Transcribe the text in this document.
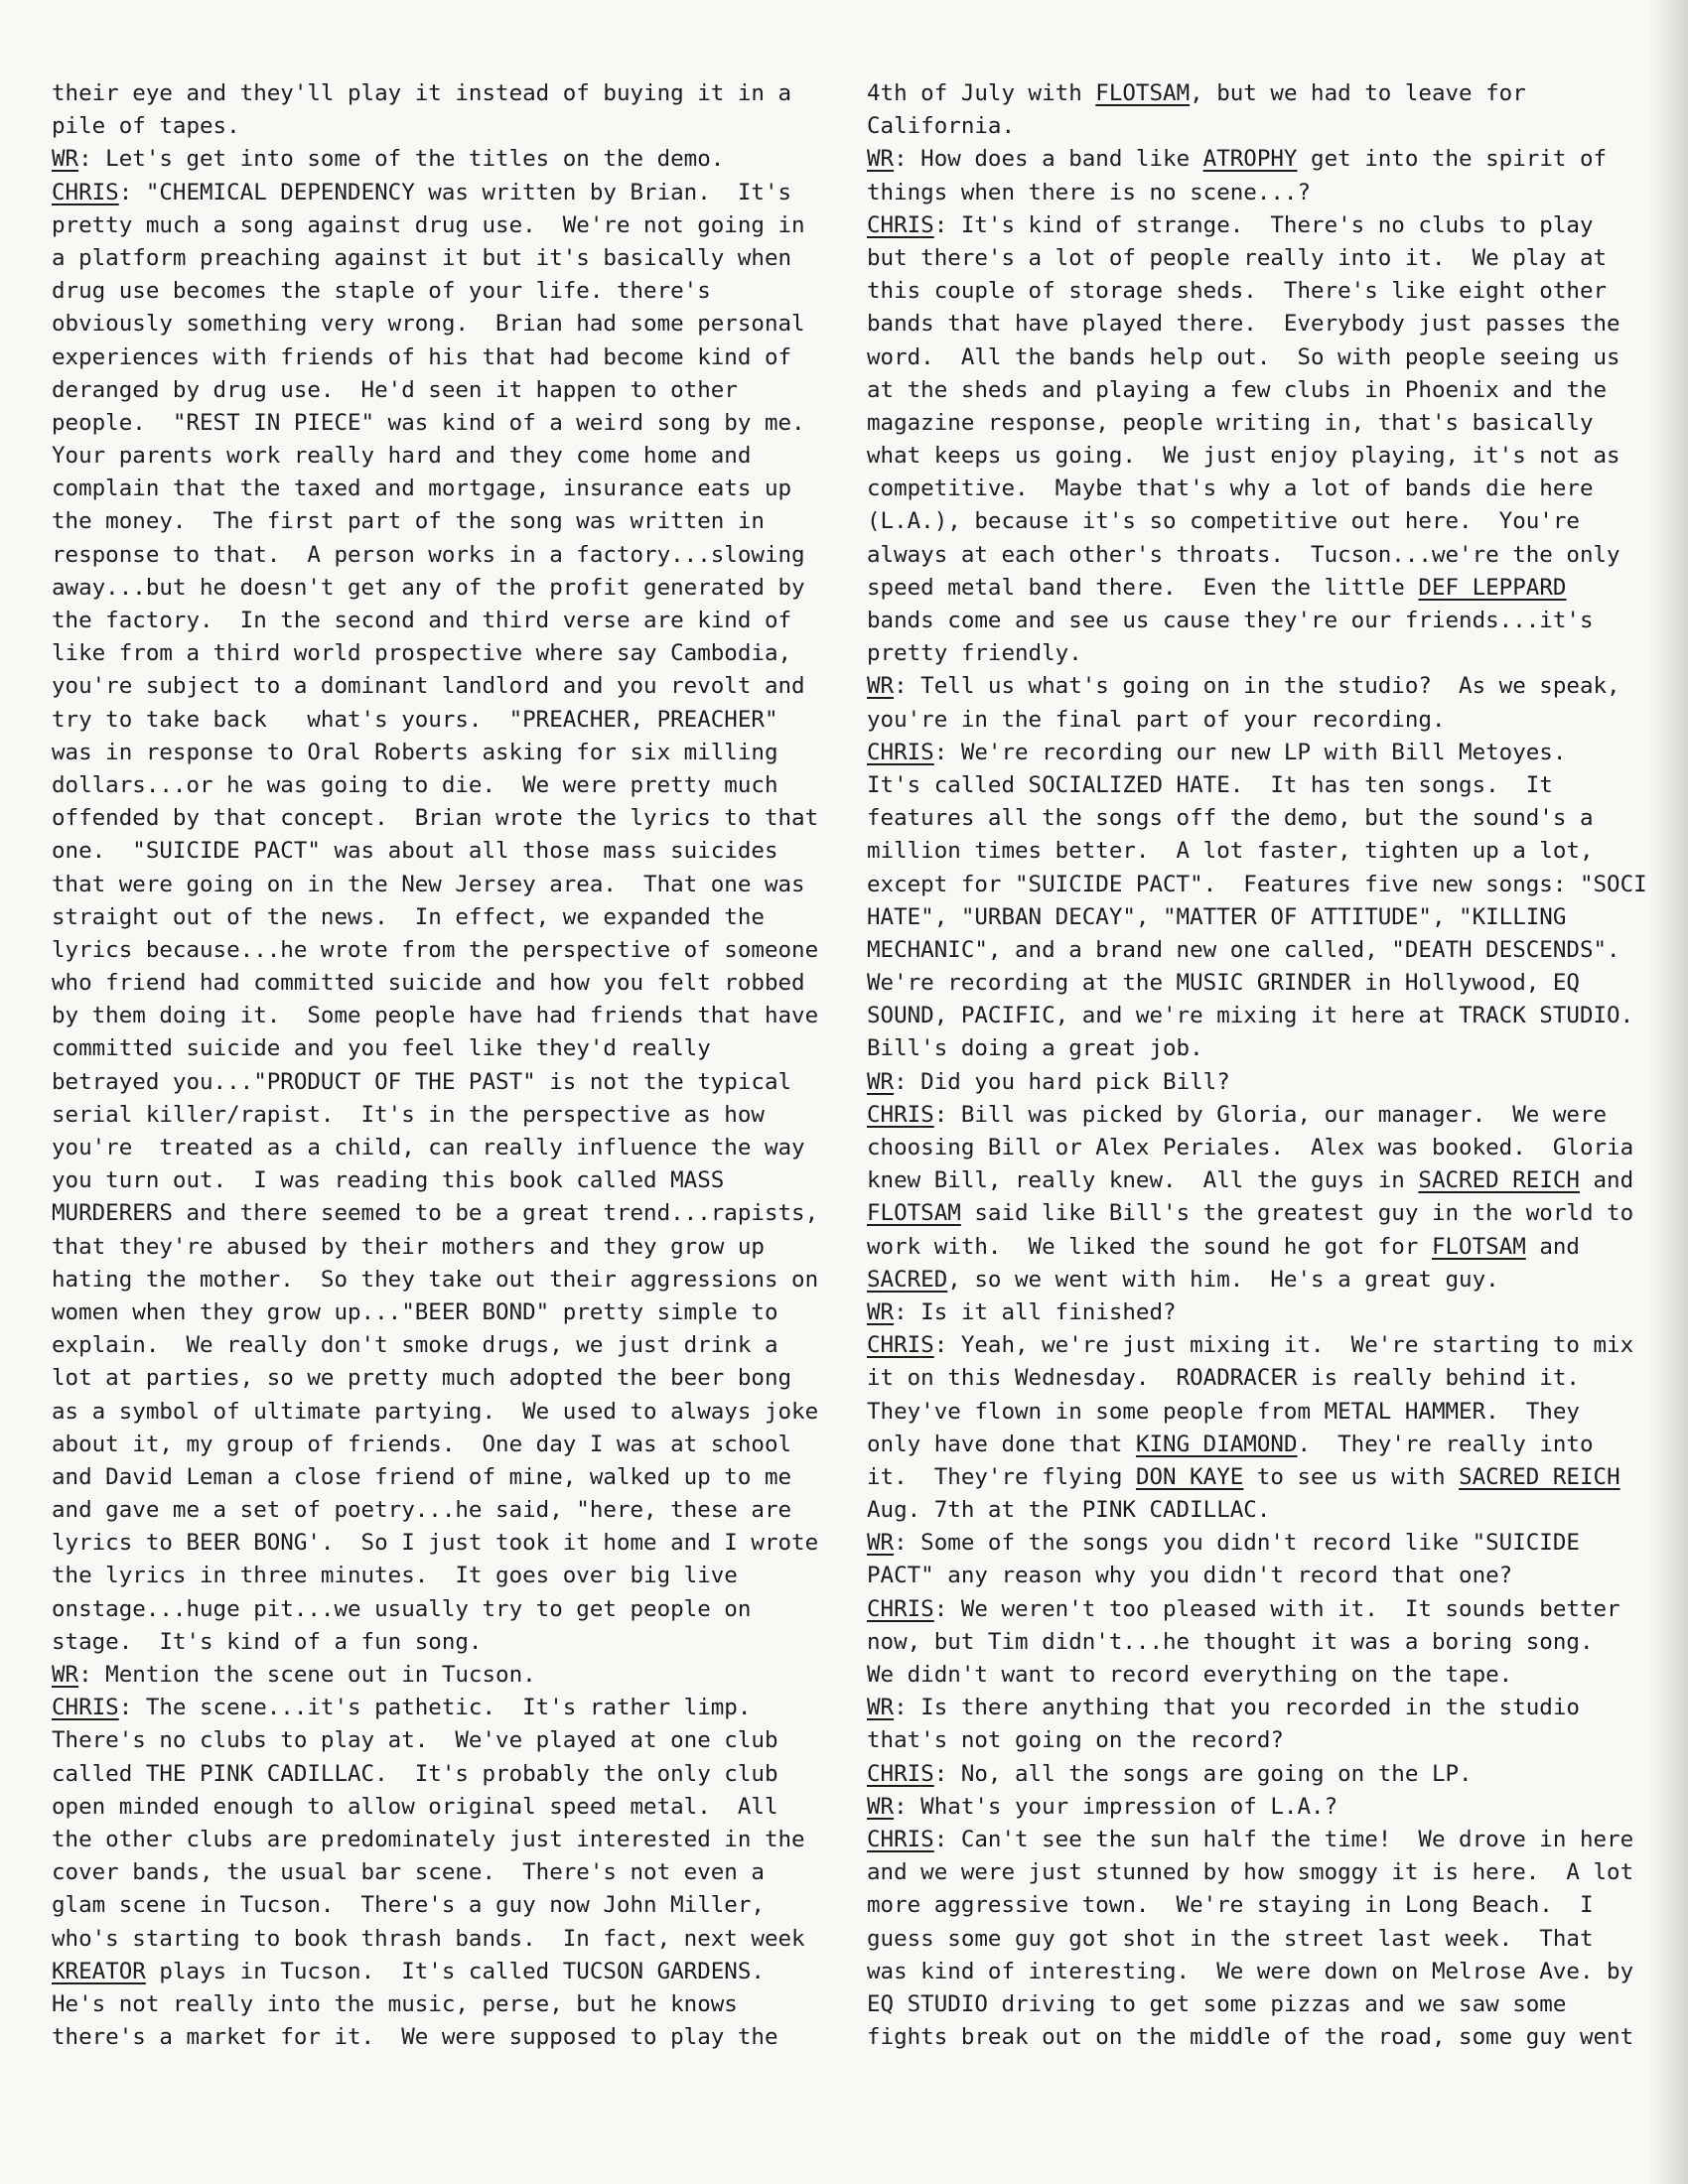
their eye and they'll play it instead of buying it in a
pile of tapes.
WR: Let's get into some of the titles on the demo.
CHRIS: "CHEMICAL DEPENDENCY was written by Brian.  It's
pretty much a song against drug use.  We're not going in
a platform preaching against it but it's basically when
drug use becomes the staple of your life. there's
obviously something very wrong.  Brian had some personal
experiences with friends of his that had become kind of
deranged by drug use.  He'd seen it happen to other
people.  "REST IN PIECE" was kind of a weird song by me.
Your parents work really hard and they come home and
complain that the taxed and mortgage, insurance eats up
the money.  The first part of the song was written in
response to that.  A person works in a factory...slowing
away...but he doesn't get any of the profit generated by
the factory.  In the second and third verse are kind of
like from a third world prospective where say Cambodia,
you're subject to a dominant landlord and you revolt and
try to take back   what's yours.  "PREACHER, PREACHER"
was in response to Oral Roberts asking for six milling
dollars...or he was going to die.  We were pretty much
offended by that concept.  Brian wrote the lyrics to that
one.  "SUICIDE PACT" was about all those mass suicides
that were going on in the New Jersey area.  That one was
straight out of the news.  In effect, we expanded the
lyrics because...he wrote from the perspective of someone
who friend had committed suicide and how you felt robbed
by them doing it.  Some people have had friends that have
committed suicide and you feel like they'd really
betrayed you..."PRODUCT OF THE PAST" is not the typical
serial killer/rapist.  It's in the perspective as how
you're  treated as a child, can really influence the way
you turn out.  I was reading this book called MASS
MURDERERS and there seemed to be a great trend...rapists,
that they're abused by their mothers and they grow up
hating the mother.  So they take out their aggressions on
women when they grow up..."BEER BOND" pretty simple to
explain.  We really don't smoke drugs, we just drink a
lot at parties, so we pretty much adopted the beer bong
as a symbol of ultimate partying.  We used to always joke
about it, my group of friends.  One day I was at school
and David Leman a close friend of mine, walked up to me
and gave me a set of poetry...he said, "here, these are
lyrics to BEER BONG'.  So I just took it home and I wrote
the lyrics in three minutes.  It goes over big live
onstage...huge pit...we usually try to get people on
stage.  It's kind of a fun song.
WR: Mention the scene out in Tucson.
CHRIS: The scene...it's pathetic.  It's rather limp.
There's no clubs to play at.  We've played at one club
called THE PINK CADILLAC.  It's probably the only club
open minded enough to allow original speed metal.  All
the other clubs are predominately just interested in the
cover bands, the usual bar scene.  There's not even a
glam scene in Tucson.  There's a guy now John Miller,
who's starting to book thrash bands.  In fact, next week
KREATOR plays in Tucson.  It's called TUCSON GARDENS.
He's not really into the music, perse, but he knows
there's a market for it.  We were supposed to play the
4th of July with FLOTSAM, but we had to leave for
California.
WR: How does a band like ATROPHY get into the spirit of
things when there is no scene...?
CHRIS: It's kind of strange.  There's no clubs to play
but there's a lot of people really into it.  We play at
this couple of storage sheds.  There's like eight other
bands that have played there.  Everybody just passes the
word.  All the bands help out.  So with people seeing us
at the sheds and playing a few clubs in Phoenix and the
magazine response, people writing in, that's basically
what keeps us going.  We just enjoy playing, it's not as
competitive.  Maybe that's why a lot of bands die here
(L.A.), because it's so competitive out here.  You're
always at each other's throats.  Tucson...we're the only
speed metal band there.  Even the little DEF LEPPARD
bands come and see us cause they're our friends...it's
pretty friendly.
WR: Tell us what's going on in the studio?  As we speak,
you're in the final part of your recording.
CHRIS: We're recording our new LP with Bill Metoyes.
It's called SOCIALIZED HATE.  It has ten songs.  It
features all the songs off the demo, but the sound's a
million times better.  A lot faster, tighten up a lot,
except for "SUICIDE PACT".  Features five new songs: "SOCI
HATE", "URBAN DECAY", "MATTER OF ATTITUDE", "KILLING
MECHANIC", and a brand new one called, "DEATH DESCENDS".
We're recording at the MUSIC GRINDER in Hollywood, EQ
SOUND, PACIFIC, and we're mixing it here at TRACK STUDIO.
Bill's doing a great job.
WR: Did you hard pick Bill?
CHRIS: Bill was picked by Gloria, our manager.  We were
choosing Bill or Alex Periales.  Alex was booked.  Gloria
knew Bill, really knew.  All the guys in SACRED REICH and
FLOTSAM said like Bill's the greatest guy in the world to
work with.  We liked the sound he got for FLOTSAM and
SACRED, so we went with him.  He's a great guy.
WR: Is it all finished?
CHRIS: Yeah, we're just mixing it.  We're starting to mix
it on this Wednesday.  ROADRACER is really behind it.
They've flown in some people from METAL HAMMER.  They
only have done that KING DIAMOND.  They're really into
it.  They're flying DON KAYE to see us with SACRED REICH
Aug. 7th at the PINK CADILLAC.
WR: Some of the songs you didn't record like "SUICIDE
PACT" any reason why you didn't record that one?
CHRIS: We weren't too pleased with it.  It sounds better
now, but Tim didn't...he thought it was a boring song.
We didn't want to record everything on the tape.
WR: Is there anything that you recorded in the studio
that's not going on the record?
CHRIS: No, all the songs are going on the LP.
WR: What's your impression of L.A.?
CHRIS: Can't see the sun half the time!  We drove in here
and we were just stunned by how smoggy it is here.  A lot
more aggressive town.  We're staying in Long Beach.  I
guess some guy got shot in the street last week.  That
was kind of interesting.  We were down on Melrose Ave. by
EQ STUDIO driving to get some pizzas and we saw some
fights break out on the middle of the road, some guy went
